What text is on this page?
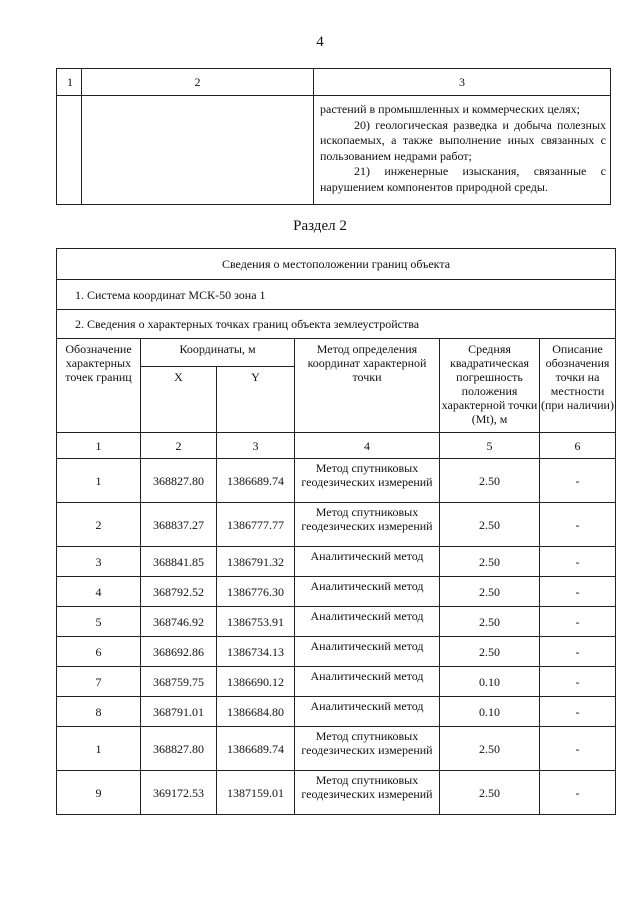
4
1	2	3

		растений в промышленных и коммерческих целях;
20) геологическая разведка и добыча полезных ископаемых, а также выполнение иных связанных с пользованием недрами работ;
21) инженерные изыскания, связанные с нарушением компонентов природной среды.
Раздел 2
Сведения о местоположении границ объекта					
1. Система координат МСК-50 зона 1					
2. Сведения о характерных точках границ объекта землеустройства					
Обозначение характерных точек границ	Координаты, м		Метод определения координат характерной точки	Средняя квадратическая погрешность положения характерной точки (Mt), м	Описание обозначения точки на местности (при наличии)
	X	Y			
1	2	3	4	5	6
1	368827.80	1386689.74	Метод спутниковых геодезических измерений	2.50	-
2	368837.27	1386777.77	Метод спутниковых геодезических измерений	2.50	-
3	368841.85	1386791.32	Аналитический метод	2.50	-
4	368792.52	1386776.30	Аналитический метод	2.50	-
5	368746.92	1386753.91	Аналитический метод	2.50	-
6	368692.86	1386734.13	Аналитический метод	2.50	-
7	368759.75	1386690.12	Аналитический метод	0.10	-
8	368791.01	1386684.80	Аналитический метод	0.10	-
1	368827.80	1386689.74	Метод спутниковых геодезических измерений	2.50	-
9	369172.53	1387159.01	Метод спутниковых геодезических измерений	2.50	-
